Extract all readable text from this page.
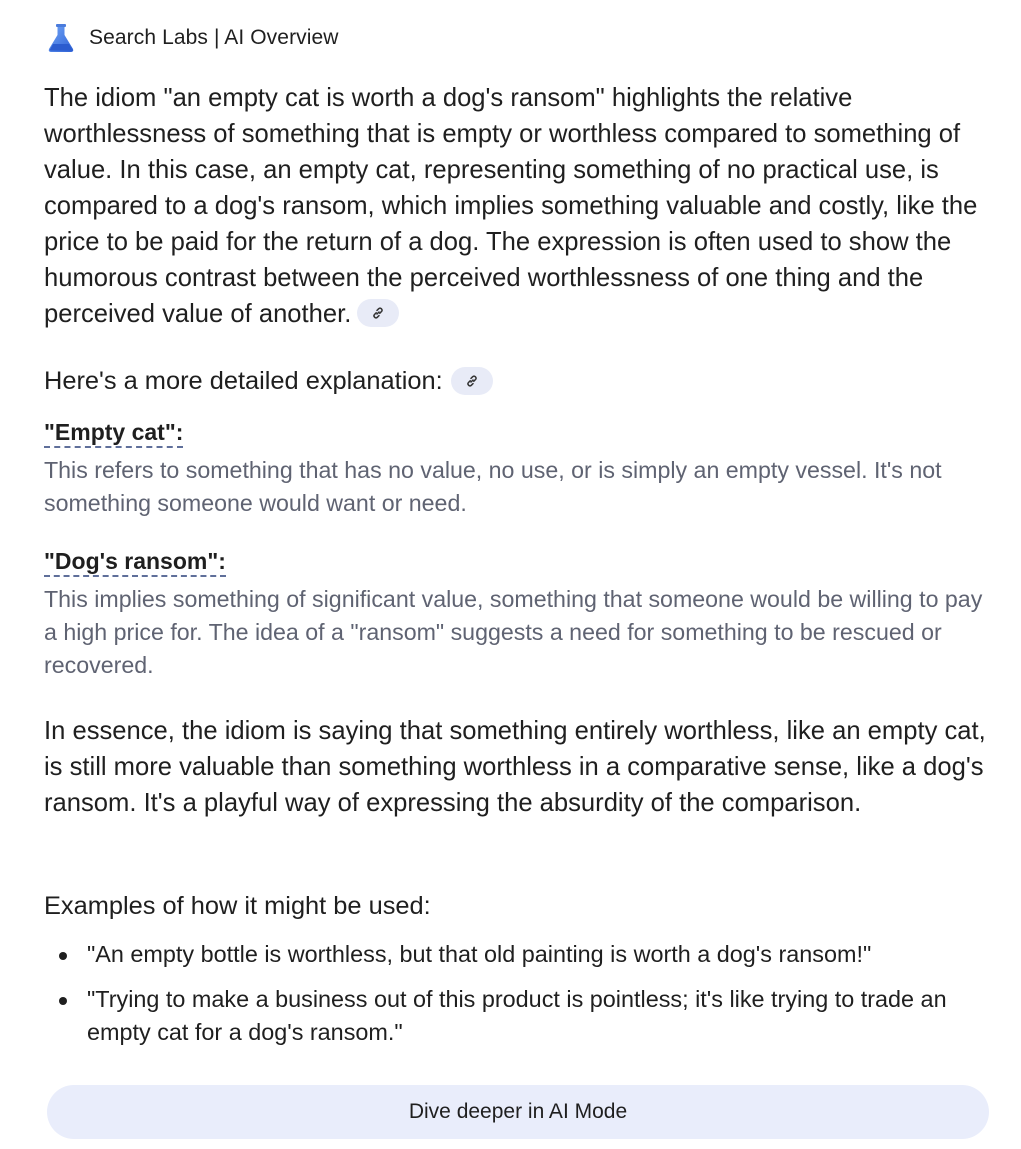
Search Labs | AI Overview

The idiom "an empty cat is worth a dog's ransom" highlights the relative worthlessness of something that is empty or worthless compared to something of value. In this case, an empty cat, representing something of no practical use, is compared to a dog's ransom, which implies something valuable and costly, like the price to be paid for the return of a dog. The expression is often used to show the humorous contrast between the perceived worthlessness of one thing and the perceived value of another.

Here's a more detailed explanation:

"Empty cat":

This refers to something that has no value, no use, or is simply an empty vessel. It's not something someone would want or need.

"Dog's ransom":

This implies something of significant value, something that someone would be willing to pay a high price for. The idea of a "ransom" suggests a need for something to be rescued or recovered.

In essence, the idiom is saying that something entirely worthless, like an empty cat, is still more valuable than something worthless in a comparative sense, like a dog's ransom. It's a playful way of expressing the absurdity of the comparison.

Examples of how it might be used:
"An empty bottle is worthless, but that old painting is worth a dog's ransom!"
"Trying to make a business out of this product is pointless; it's like trying to trade an empty cat for a dog's ransom."
Dive deeper in AI Mode
